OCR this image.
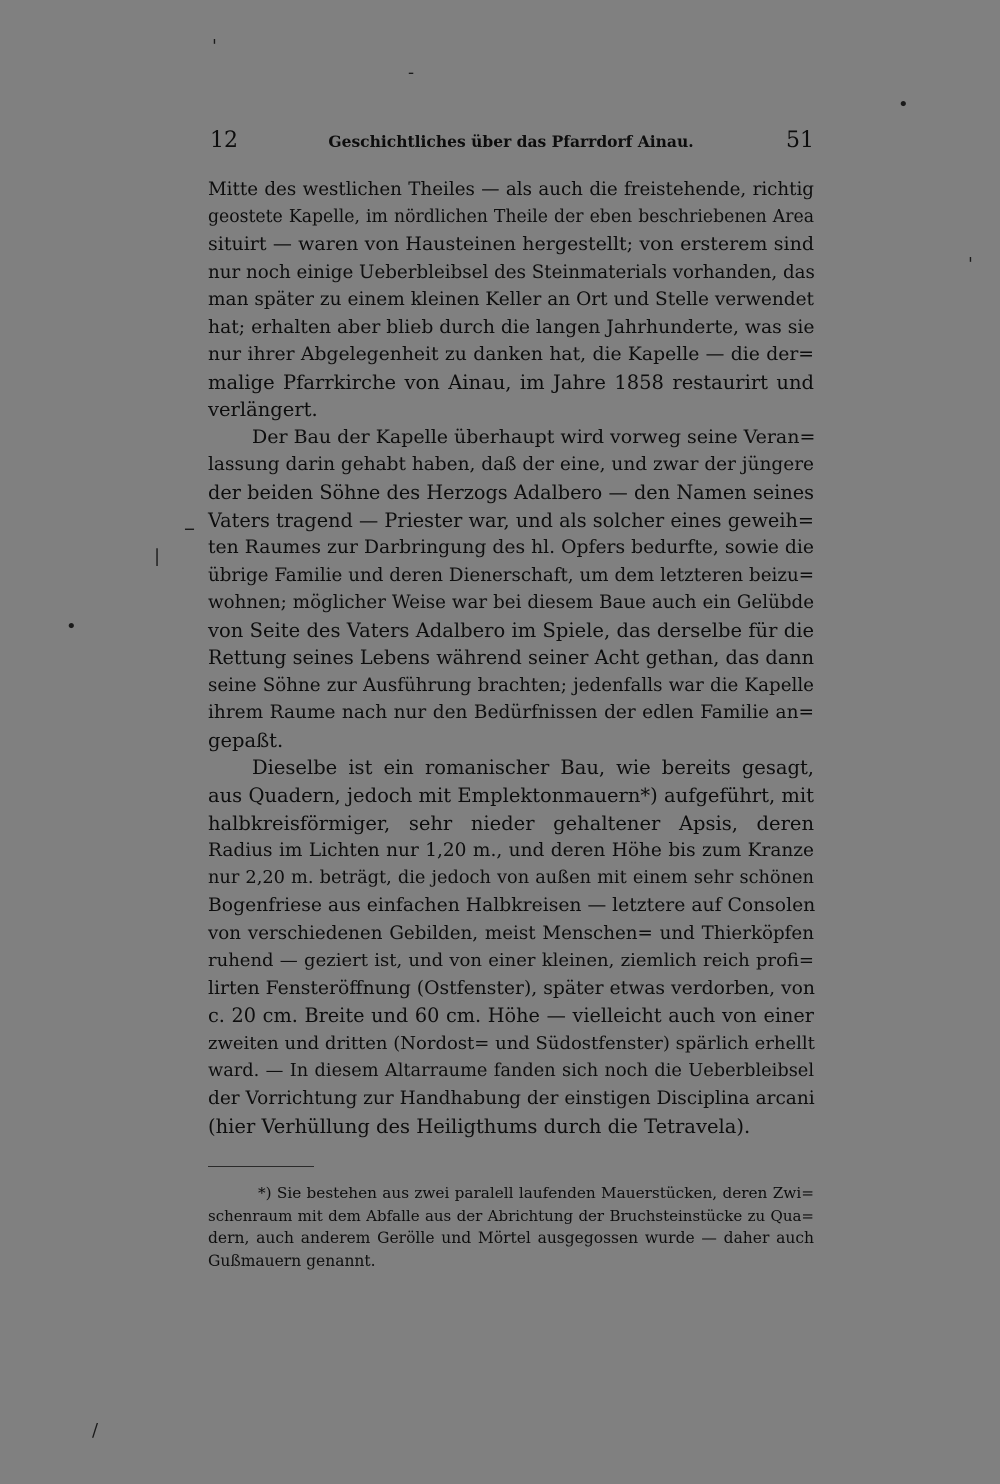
'
-
•
'
–
|
•
/
12	Geschichtliches über das Pfarrdorf Ainau.	51
Mitte des westlichen Theiles — als auch die freistehende, richtig
geostete Kapelle, im nördlichen Theile der eben beschriebenen Area
situirt — waren von Hausteinen hergestellt; von ersterem sind
nur noch einige Ueberbleibsel des Steinmaterials vorhanden, das
man später zu einem kleinen Keller an Ort und Stelle verwendet
hat; erhalten aber blieb durch die langen Jahrhunderte, was sie
nur ihrer Abgelegenheit zu danken hat, die Kapelle — die der=
malige Pfarrkirche von Ainau, im Jahre 1858 restaurirt und
verlängert.
Der Bau der Kapelle überhaupt wird vorweg seine Veran=
lassung darin gehabt haben, daß der eine, und zwar der jüngere
der beiden Söhne des Herzogs Adalbero — den Namen seines
Vaters tragend — Priester war, und als solcher eines geweih=
ten Raumes zur Darbringung des hl. Opfers bedurfte, sowie die
übrige Familie und deren Dienerschaft, um dem letzteren beizu=
wohnen; möglicher Weise war bei diesem Baue auch ein Gelübde
von Seite des Vaters Adalbero im Spiele, das derselbe für die
Rettung seines Lebens während seiner Acht gethan, das dann
seine Söhne zur Ausführung brachten; jedenfalls war die Kapelle
ihrem Raume nach nur den Bedürfnissen der edlen Familie an=
gepaßt.
Dieselbe ist ein romanischer Bau, wie bereits gesagt,
aus Quadern, jedoch mit Emplektonmauern*) aufgeführt, mit
halbkreisförmiger, sehr nieder gehaltener Apsis, deren
Radius im Lichten nur 1,20 m., und deren Höhe bis zum Kranze
nur 2,20 m. beträgt, die jedoch von außen mit einem sehr schönen
Bogenfriese aus einfachen Halbkreisen — letztere auf Consolen
von verschiedenen Gebilden, meist Menschen= und Thierköpfen
ruhend — geziert ist, und von einer kleinen, ziemlich reich profi=
lirten Fensteröffnung (Ostfenster), später etwas verdorben, von
c. 20 cm. Breite und 60 cm. Höhe — vielleicht auch von einer
zweiten und dritten (Nordost= und Südostfenster) spärlich erhellt
ward. — In diesem Altarraume fanden sich noch die Ueberbleibsel
der Vorrichtung zur Handhabung der einstigen Disciplina arcani
(hier Verhüllung des Heiligthums durch die Tetravela).
*) Sie bestehen aus zwei paralell laufenden Mauerstücken, deren Zwi=
schenraum mit dem Abfalle aus der Abrichtung der Bruchsteinstücke zu Qua=
dern, auch anderem Gerölle und Mörtel ausgegossen wurde — daher auch
Gußmauern genannt.
